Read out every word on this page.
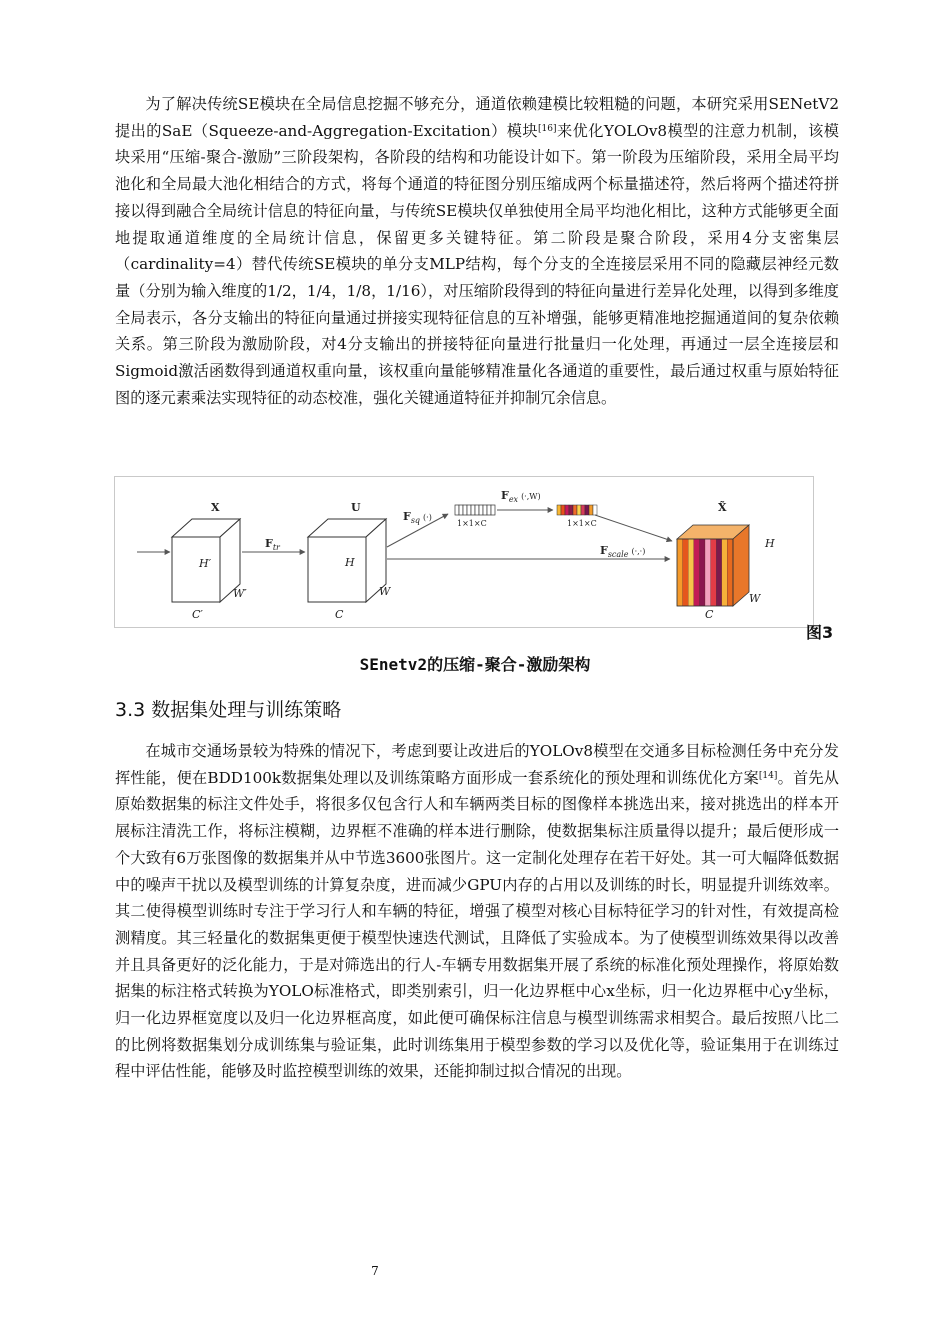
为了解决传统SE模块在全局信息挖掘不够充分，通道依赖建模比较粗糙的问题，本研究采用SENetV2提出的SaE（Squeeze-and-Aggregation-Excitation）模块[16]来优化YOLOv8模型的注意力机制，该模块采用“压缩-聚合-激励”三阶段架构，各阶段的结构和功能设计如下。第一阶段为压缩阶段，采用全局平均池化和全局最大池化相结合的方式，将每个通道的特征图分别压缩成两个标量描述符，然后将两个描述符拼接以得到融合全局统计信息的特征向量，与传统SE模块仅单独使用全局平均池化相比，这种方式能够更全面地提取通道维度的全局统计信息，保留更多关键特征。第二阶段是聚合阶段，采用4分支密集层（cardinality=4）替代传统SE模块的单分支MLP结构，每个分支的全连接层采用不同的隐藏层神经元数量（分别为输入维度的1/2，1/4，1/8，1/16），对压缩阶段得到的特征向量进行差异化处理，以得到多维度全局表示，各分支输出的特征向量通过拼接实现特征信息的互补增强，能够更精准地挖掘通道间的复杂依赖关系。第三阶段为激励阶段，对4分支输出的拼接特征向量进行批量归一化处理，再通过一层全连接层和Sigmoid激活函数得到通道权重向量，该权重向量能够精准量化各通道的重要性，最后通过权重与原始特征图的逐元素乘法实现特征的动态校准，强化关键通道特征并抑制冗余信息。

X
H′
W′
C′
Ftr
U
H
W
C
Fsq (·)
1×1×C
Fex (·,W)
1×1×C
Fscale (·,·)
X̃
H
W
C
图3
SEnetv2的压缩-聚合-激励架构
3.3 数据集处理与训练策略

在城市交通场景较为特殊的情况下，考虑到要让改进后的YOLOv8模型在交通多目标检测任务中充分发挥性能，便在BDD100k数据集处理以及训练策略方面形成一套系统化的预处理和训练优化方案[14]。首先从原始数据集的标注文件处手，将很多仅包含行人和车辆两类目标的图像样本挑选出来，接对挑选出的样本开展标注清洗工作，将标注模糊，边界框不准确的样本进行删除，使数据集标注质量得以提升；最后便形成一个大致有6万张图像的数据集并从中节选3600张图片。这一定制化处理存在若干好处。其一可大幅降低数据中的噪声干扰以及模型训练的计算复杂度，进而减少GPU内存的占用以及训练的时长，明显提升训练效率。其二使得模型训练时专注于学习行人和车辆的特征，增强了模型对核心目标特征学习的针对性，有效提高检测精度。其三轻量化的数据集更便于模型快速迭代测试，且降低了实验成本。为了使模型训练效果得以改善并且具备更好的泛化能力，于是对筛选出的行人-车辆专用数据集开展了系统的标准化预处理操作，将原始数据集的标注格式转换为YOLO标准格式，即类别索引，归一化边界框中心x坐标，归一化边界框中心y坐标，归一化边界框宽度以及归一化边界框高度，如此便可确保标注信息与模型训练需求相契合。最后按照八比二的比例将数据集划分成训练集与验证集，此时训练集用于模型参数的学习以及优化等，验证集用于在训练过程中评估性能，能够及时监控模型训练的效果，还能抑制过拟合情况的出现。

7
